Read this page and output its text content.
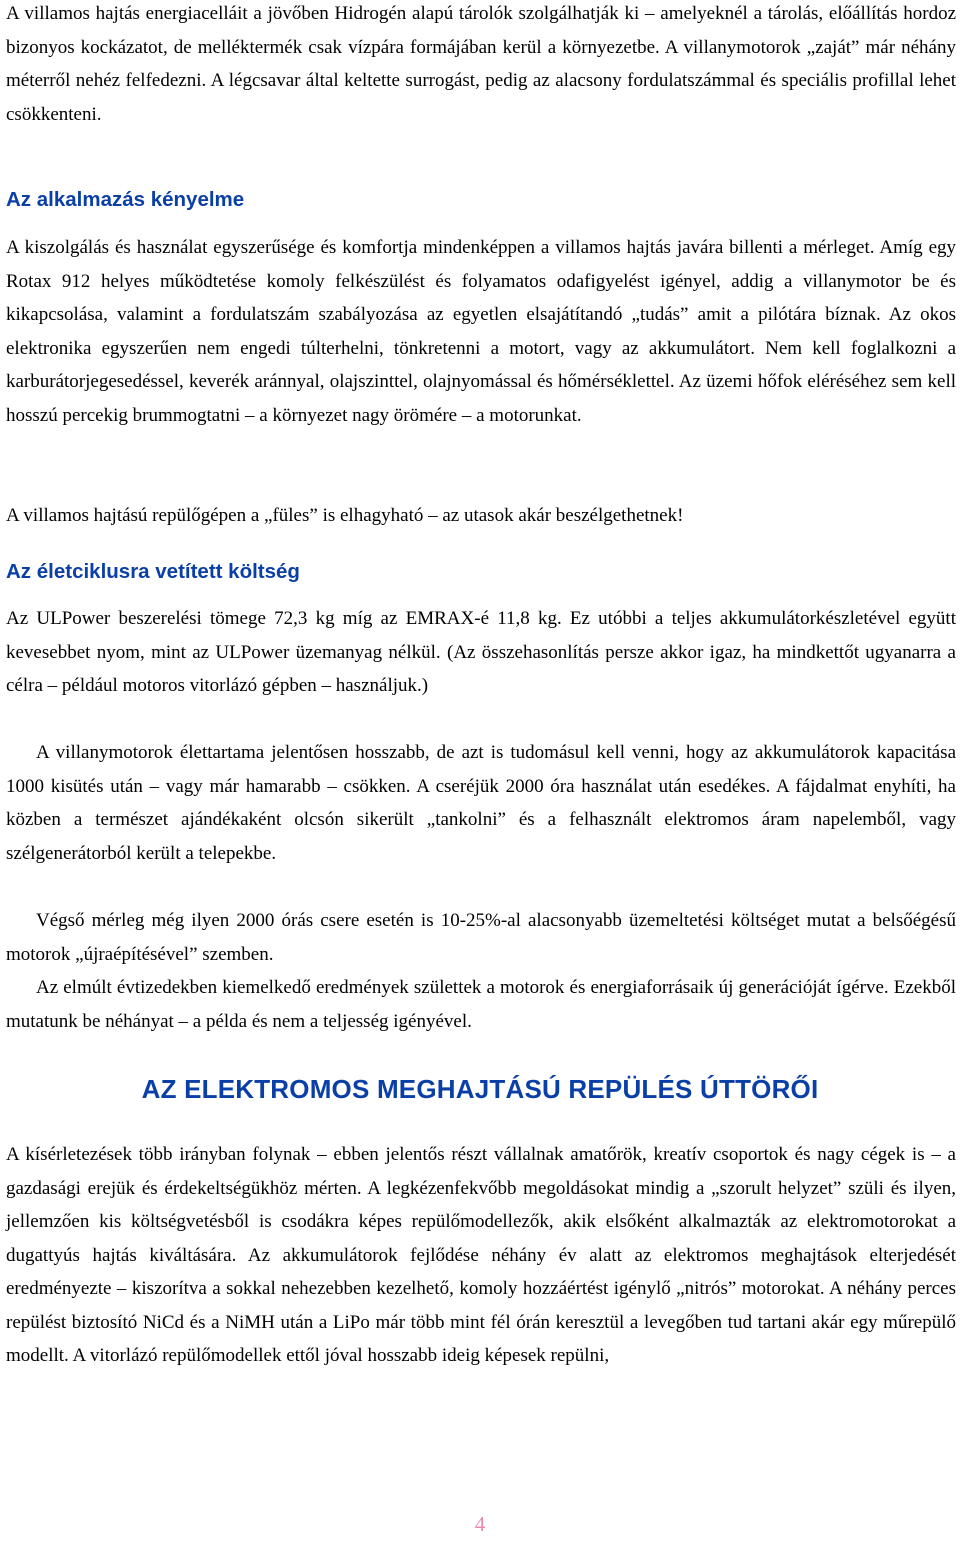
A villamos hajtás energiacelláit a jövőben Hidrogén alapú tárolók szolgálhatják ki – amelyeknél a tárolás, előállítás hordoz bizonyos kockázatot, de melléktermék csak vízpára formájában kerül a környezetbe. A villanymotorok „zaját” már néhány méterről nehéz felfedezni. A légcsavar által keltette surrogást, pedig az alacsony fordulatszámmal és speciális profillal lehet csökkenteni.

Az alkalmazás kényelme

A kiszolgálás és használat egyszerűsége és komfortja mindenképpen a villamos hajtás javára billenti a mérleget. Amíg egy Rotax 912 helyes működtetése komoly felkészülést és folyamatos odafigyelést igényel, addig a villanymotor be és kikapcsolása, valamint a fordulatszám szabályozása az egyetlen elsajátítandó „tudás” amit a pilótára bíznak. Az okos elektronika egyszerűen nem engedi túlterhelni, tönkretenni a motort, vagy az akkumulátort. Nem kell foglalkozni a karburátorjegesedéssel, keverék aránnyal, olajszinttel, olajnyomással és hőmérséklettel. Az üzemi hőfok eléréséhez sem kell hosszú percekig brummogtatni – a környezet nagy örömére – a motorunkat.

A villamos hajtású repülőgépen a „füles” is elhagyható – az utasok akár beszélgethetnek!

Az életciklusra vetített költség

Az ULPower beszerelési tömege 72,3 kg míg az EMRAX-é 11,8 kg. Ez utóbbi a teljes akkumulátorkészletével együtt kevesebbet nyom, mint az ULPower üzemanyag nélkül. (Az összehasonlítás persze akkor igaz, ha mindkettőt ugyanarra a célra – például motoros vitorlázó gépben – használjuk.)

A villanymotorok élettartama jelentősen hosszabb, de azt is tudomásul kell venni, hogy az akkumulátorok kapacitása 1000 kisütés után – vagy már hamarabb – csökken. A cseréjük 2000 óra használat után esedékes. A fájdalmat enyhíti, ha közben a természet ajándékaként olcsón sikerült „tankolni” és a felhasznált elektromos áram napelemből, vagy szélgenerátorból került a telepekbe.

Végső mérleg még ilyen 2000 órás csere esetén is 10-25%-al alacsonyabb üzemeltetési költséget mutat a belsőégésű motorok „újraépítésével” szemben.

Az elmúlt évtizedekben kiemelkedő eredmények születtek a motorok és energiaforrásaik új generációját ígérve. Ezekből mutatunk be néhányat – a példa és nem a teljesség igényével.

AZ ELEKTROMOS MEGHAJTÁSÚ REPÜLÉS ÚTTÖRŐI

A kísérletezések több irányban folynak – ebben jelentős részt vállalnak amatőrök, kreatív csoportok és nagy cégek is – a gazdasági erejük és érdekeltségükhöz mérten. A legkézenfekvőbb megoldásokat mindig a „szorult helyzet” szüli és ilyen, jellemzően kis költségvetésből is csodákra képes repülőmodellezők, akik elsőként alkalmazták az elektromotorokat a dugattyús hajtás kiváltására. Az akkumulátorok fejlődése néhány év alatt az elektromos meghajtások elterjedését eredményezte – kiszorítva a sokkal nehezebben kezelhető, komoly hozzáértést igénylő „nitrós” motorokat. A néhány perces repülést biztosító NiCd és a NiMH után a LiPo már több mint fél órán keresztül a levegőben tud tartani akár egy műrepülő modellt. A vitorlázó repülőmodellek ettől jóval hosszabb ideig képesek repülni,

4
